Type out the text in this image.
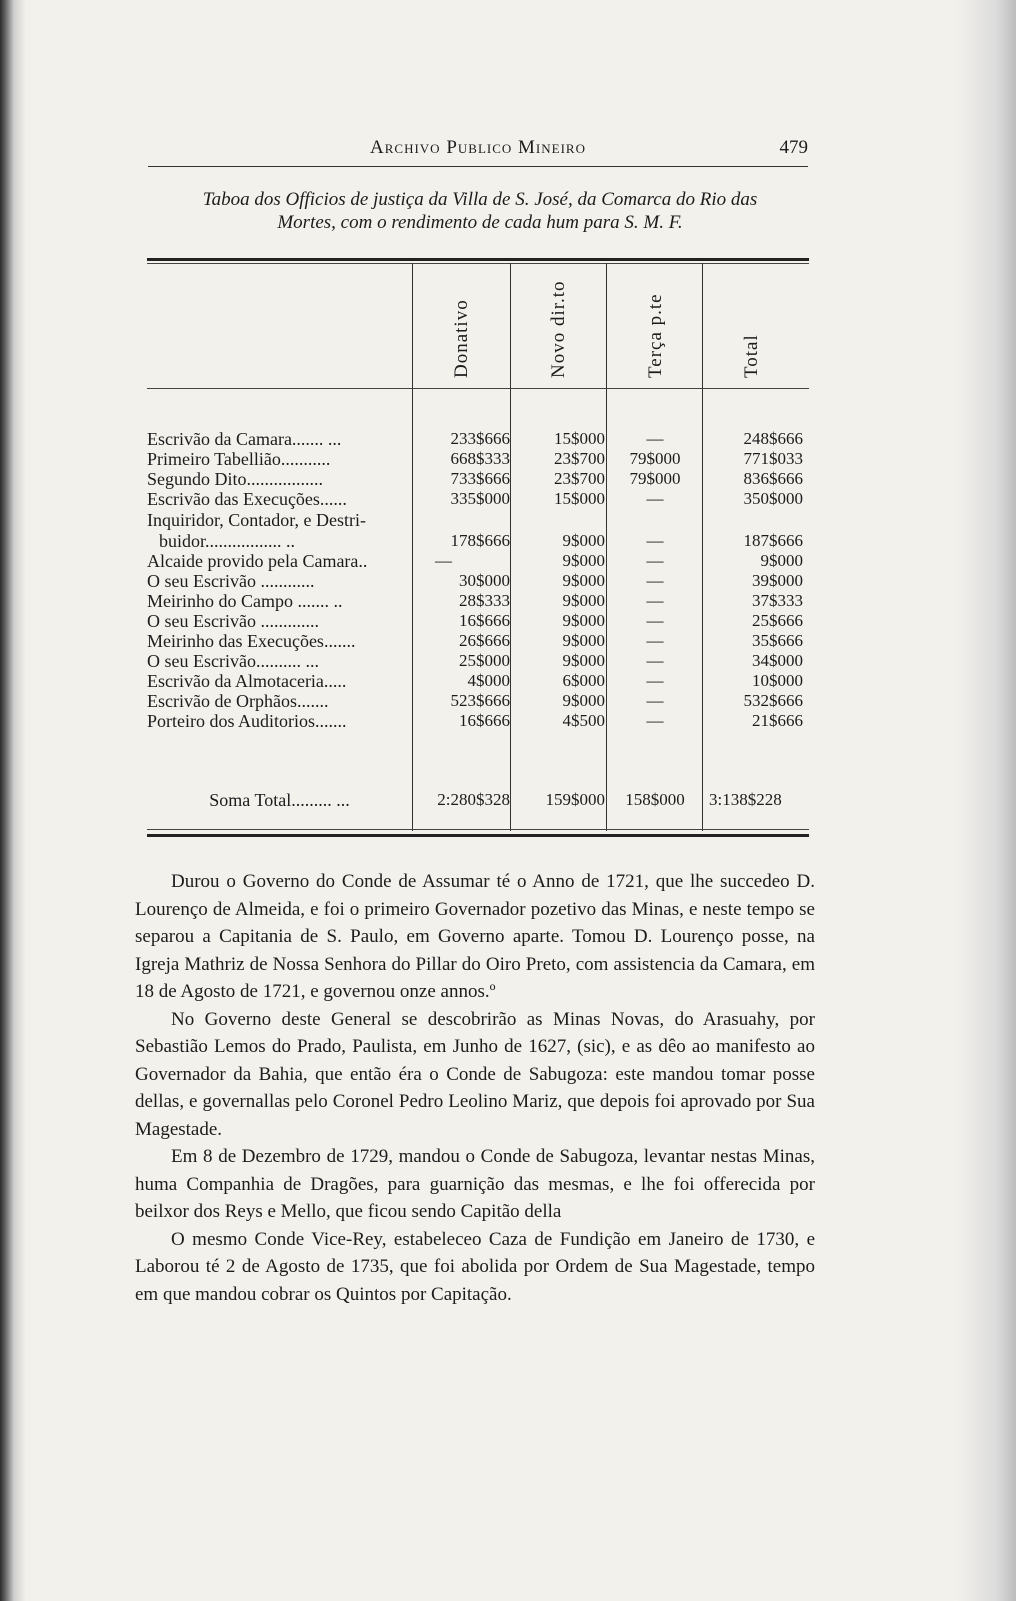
Archivo Publico Mineiro	479
Taboa dos Officios de justiça da Villa de S. José, da Comarca do Rio das
Mortes, com o rendimento de cada hum para S. M. F.
Donativo	Novo dir.to	Terça p.te	Total
Escrivão da Camara....... ...	233$666	15$000	—	248$666
Primeiro Tabellião...........	668$333	23$700	79$000	771$033
Segundo Dito.................	733$666	23$700	79$000	836$666
Escrivão das Execuções......	335$000	15$000	—	350$000
Inquiridor, Contador, e Destri-
buidor................. ..	178$666	9$000	—	187$666
Alcaide provido pela Camara..	—	9$000	—	9$000
O seu Escrivão ............	30$000	9$000	—	39$000
Meirinho do Campo ....... ..	28$333	9$000	—	37$333
O seu Escrivão .............	16$666	9$000	—	25$666
Meirinho das Execuções.......	26$666	9$000	—	35$666
O seu Escrivão.......... ...	25$000	9$000	—	34$000
Escrivão da Almotaceria.....	4$000	6$000	—	10$000
Escrivão de Orphãos.......	523$666	9$000	—	532$666
Porteiro dos Auditorios.......	16$666	4$500	—	21$666
Soma Total......... ...	2:280$328	159$000	158$000	3:138$228

Durou o Governo do Conde de Assumar té o Anno de 1721, que lhe succedeo D. Lourenço de Almeida, e foi o primeiro Governador pozetivo das Minas, e neste tempo se separou a Capitania de S. Paulo, em Governo aparte. Tomou D. Lourenço posse, na Igreja Mathriz de Nossa Senhora do Pillar do Oiro Preto, com assistencia da Camara, em 18 de Agosto de 1721, e governou onze annos.º

No Governo deste General se descobrirão as Minas Novas, do Arasuahy, por Sebastião Lemos do Prado, Paulista, em Junho de 1627, (sic), e as dêo ao manifesto ao Governador da Bahia, que então éra o Conde de Sabugoza: este mandou tomar posse dellas, e governallas pelo Coronel Pedro Leolino Mariz, que depois foi aprovado por Sua Magestade.

Em 8 de Dezembro de 1729, mandou o Conde de Sabugoza, levantar nestas Minas, huma Companhia de Dragões, para guarnição das mesmas, e lhe foi offerecida por beilxor dos Reys e Mello, que ficou sendo Capitão della

O mesmo Conde Vice-Rey, estabeleceo Caza de Fundição em Janeiro de 1730, e Laborou té 2 de Agosto de 1735, que foi abolida por Ordem de Sua Magestade, tempo em que mandou cobrar os Quintos por Capitação.
